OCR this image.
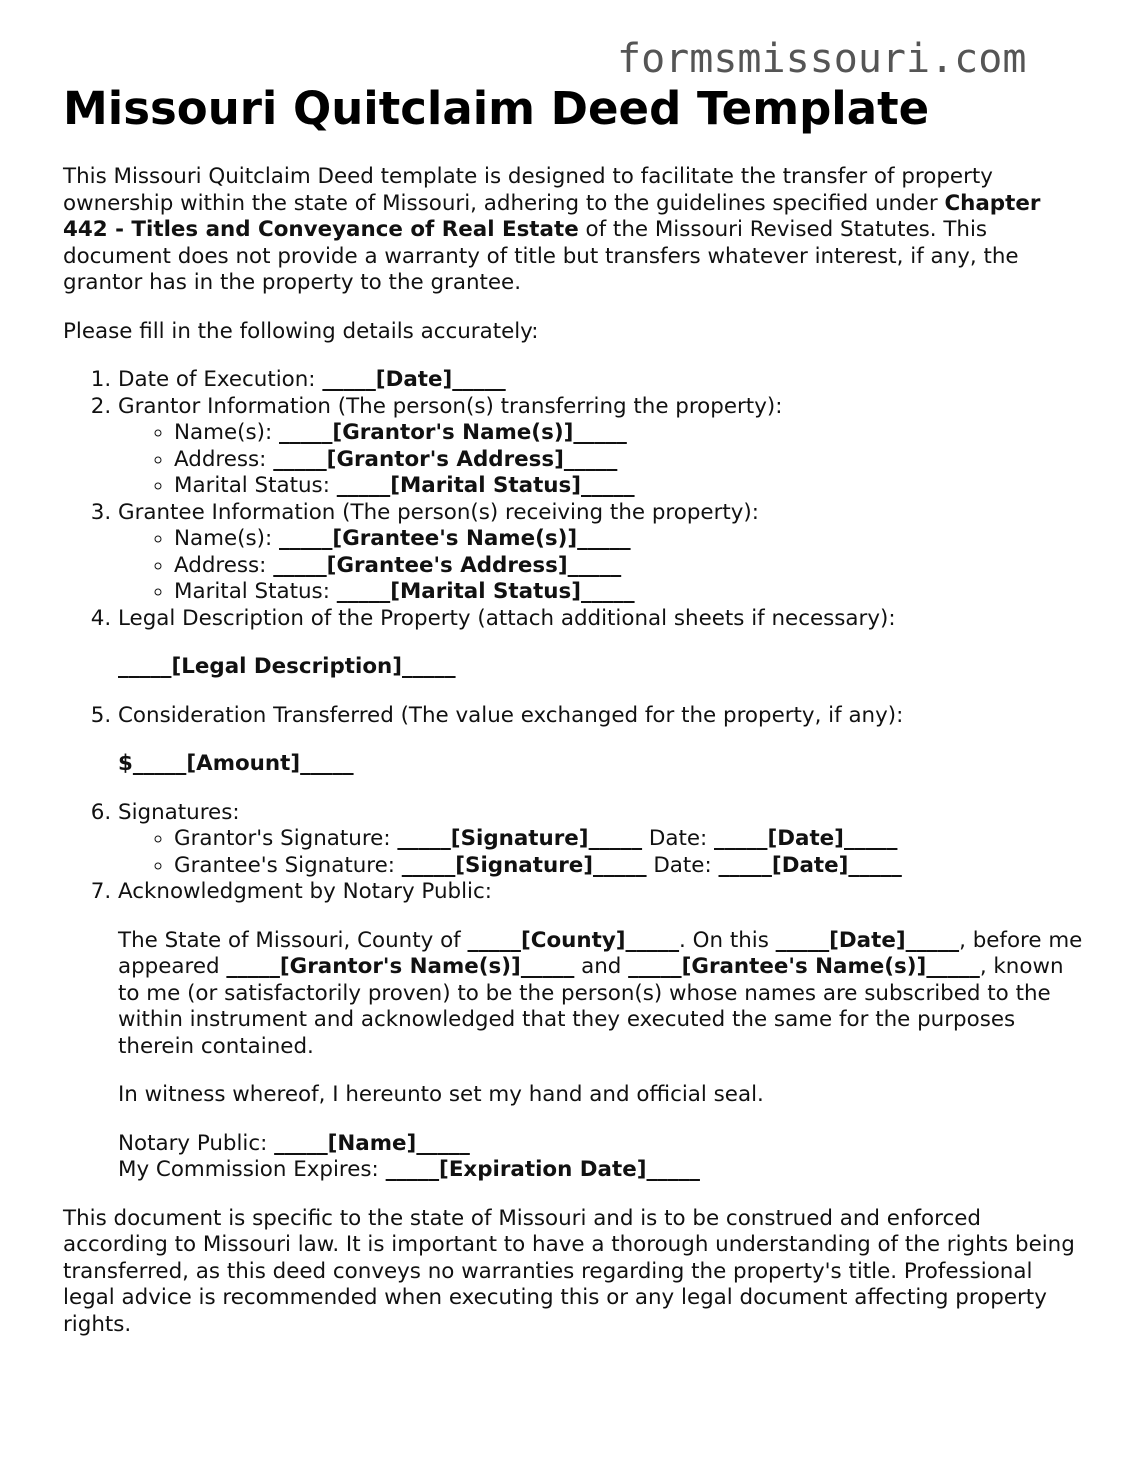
formsmissouri.com
Missouri Quitclaim Deed Template

This Missouri Quitclaim Deed template is designed to facilitate the transfer of property ownership within the state of Missouri, adhering to the guidelines specified under Chapter 442 - Titles and Conveyance of Real Estate of the Missouri Revised Statutes. This document does not provide a warranty of title but transfers whatever interest, if any, the grantor has in the property to the grantee.

Please fill in the following details accurately:

1. Date of Execution: _____[Date]_____
2. Grantor Information (The person(s) transferring the property):
◦ Name(s): _____[Grantor's Name(s)]_____
◦ Address: _____[Grantor's Address]_____
◦ Marital Status: _____[Marital Status]_____
3. Grantee Information (The person(s) receiving the property):
◦ Name(s): _____[Grantee's Name(s)]_____
◦ Address: _____[Grantee's Address]_____
◦ Marital Status: _____[Marital Status]_____
4. Legal Description of the Property (attach additional sheets if necessary):
_____[Legal Description]_____
5. Consideration Transferred (The value exchanged for the property, if any):
$_____[Amount]_____
6. Signatures:
◦ Grantor's Signature: _____[Signature]_____ Date: _____[Date]_____
◦ Grantee's Signature: _____[Signature]_____ Date: _____[Date]_____
7. Acknowledgment by Notary Public:

The State of Missouri, County of _____[County]_____. On this _____[Date]_____, before me appeared _____[Grantor's Name(s)]_____ and _____[Grantee's Name(s)]_____, known to me (or satisfactorily proven) to be the person(s) whose names are subscribed to the within instrument and acknowledged that they executed the same for the purposes therein contained.

In witness whereof, I hereunto set my hand and official seal.

Notary Public: _____[Name]_____
My Commission Expires: _____[Expiration Date]_____

This document is specific to the state of Missouri and is to be construed and enforced according to Missouri law. It is important to have a thorough understanding of the rights being transferred, as this deed conveys no warranties regarding the property's title. Professional legal advice is recommended when executing this or any legal document affecting property rights.
